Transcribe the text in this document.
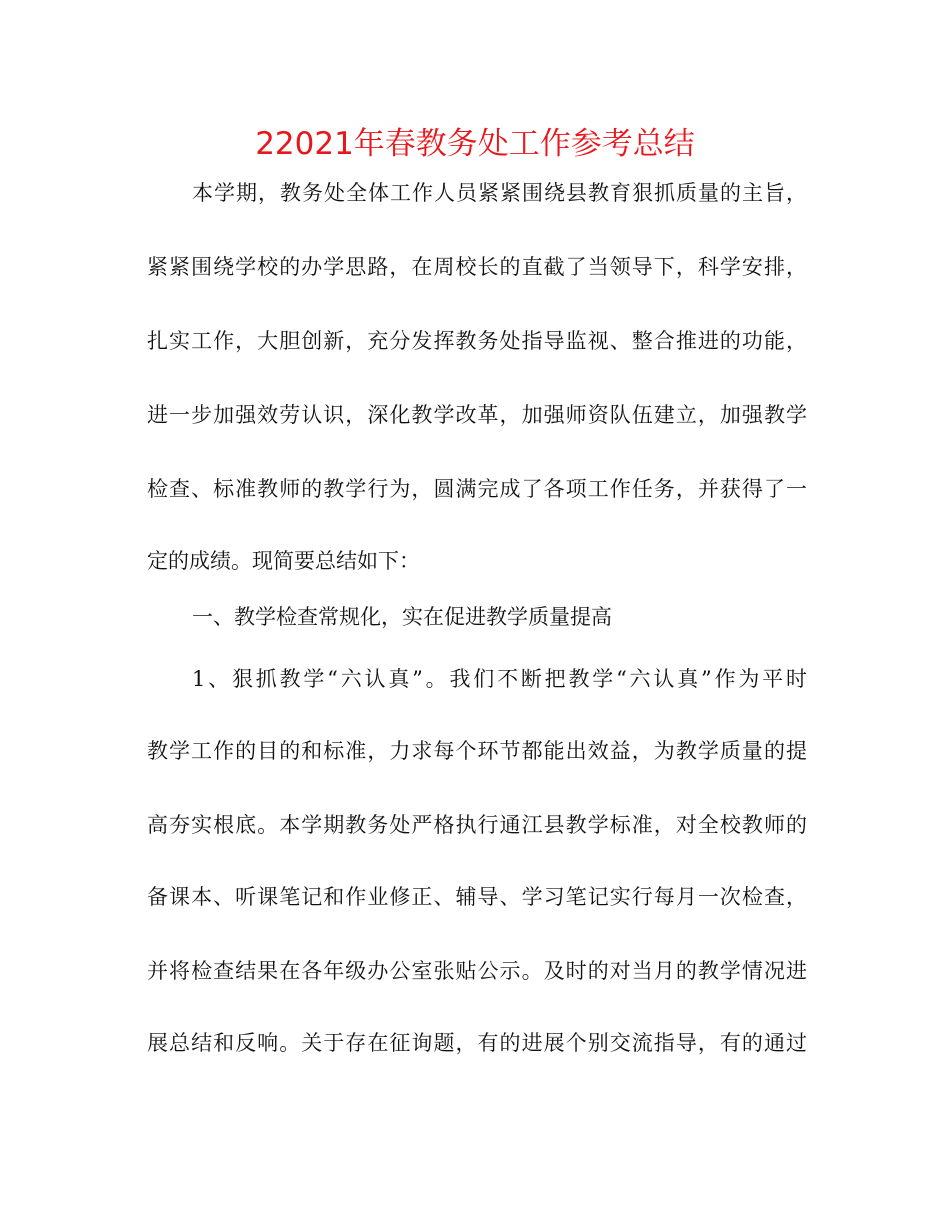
22021年春教务处工作参考总结
本学期，教务处全体工作人员紧紧围绕县教育狠抓质量的主旨，
紧紧围绕学校的办学思路，在周校长的直截了当领导下，科学安排，
扎实工作，大胆创新，充分发挥教务处指导监视、整合推进的功能，
进一步加强效劳认识，深化教学改革，加强师资队伍建立，加强教学
检查、标准教师的教学行为，圆满完成了各项工作任务，并获得了一
定的成绩。现简要总结如下：
一、教学检查常规化，实在促进教学质量提高
1、狠抓教学“六认真”。我们不断把教学“六认真”作为平时
教学工作的目的和标准，力求每个环节都能出效益，为教学质量的提
高夯实根底。本学期教务处严格执行通江县教学标准，对全校教师的
备课本、听课笔记和作业修正、辅导、学习笔记实行每月一次检查，
并将检查结果在各年级办公室张贴公示。及时的对当月的教学情况进
展总结和反响。关于存在征询题，有的进展个别交流指导，有的通过
